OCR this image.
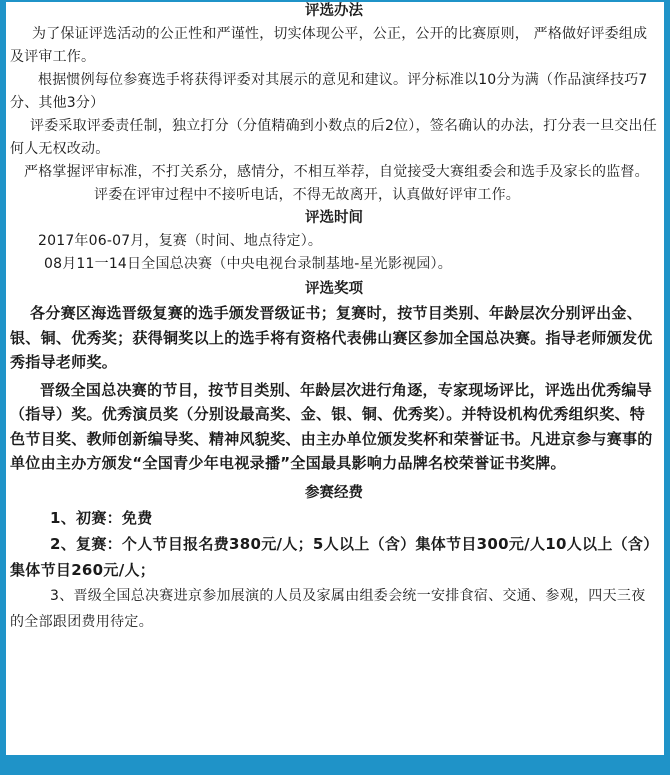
评选办法

为了保证评选活动的公正性和严谨性，切实体现公平，公正，公开的比赛原则， 严格做好评委组成及评审工作。

根据惯例每位参赛选手将获得评委对其展示的意见和建议。评分标准以10分为满（作品演绎技巧7分、其他3分）

评委采取评委责任制，独立打分（分值精确到小数点的后2位），签名确认的办法，打分表一旦交出任何人无权改动。

严格掌握评审标准，不打关系分，感情分，不相互举荐，自觉接受大赛组委会和选手及家长的监督。

评委在评审过程中不接听电话，不得无故离开，认真做好评审工作。

评选时间

2017年06-07月，复赛（时间、地点待定）。

08月11一14日全国总决赛（中央电视台录制基地-星光影视园）。

评选奖项

各分赛区海选晋级复赛的选手颁发晋级证书；复赛时，按节目类别、年龄层次分别评出金、银、铜、优秀奖；获得铜奖以上的选手将有资格代表佛山赛区参加全国总决赛。指导老师颁发优秀指导老师奖。

晋级全国总决赛的节目，按节目类别、年龄层次进行角逐，专家现场评比，评选出优秀编导（指导）奖。优秀演员奖（分别设最高奖、金、银、铜、优秀奖）。并特设机构优秀组织奖、特色节目奖、教师创新编导奖、精神风貌奖、由主办单位颁发奖杯和荣誉证书。凡进京参与赛事的单位由主办方颁发“全国青少年电视录播”全国最具影响力品牌名校荣誉证书奖牌。

参赛经费

1、初赛：免费

2、复赛：个人节目报名费380元/人；5人以上（含）集体节目300元/人10人以上（含）集体节目260元/人；

3、晋级全国总决赛进京参加展演的人员及家属由组委会统一安排食宿、交通、参观，四天三夜的全部跟团费用待定。
